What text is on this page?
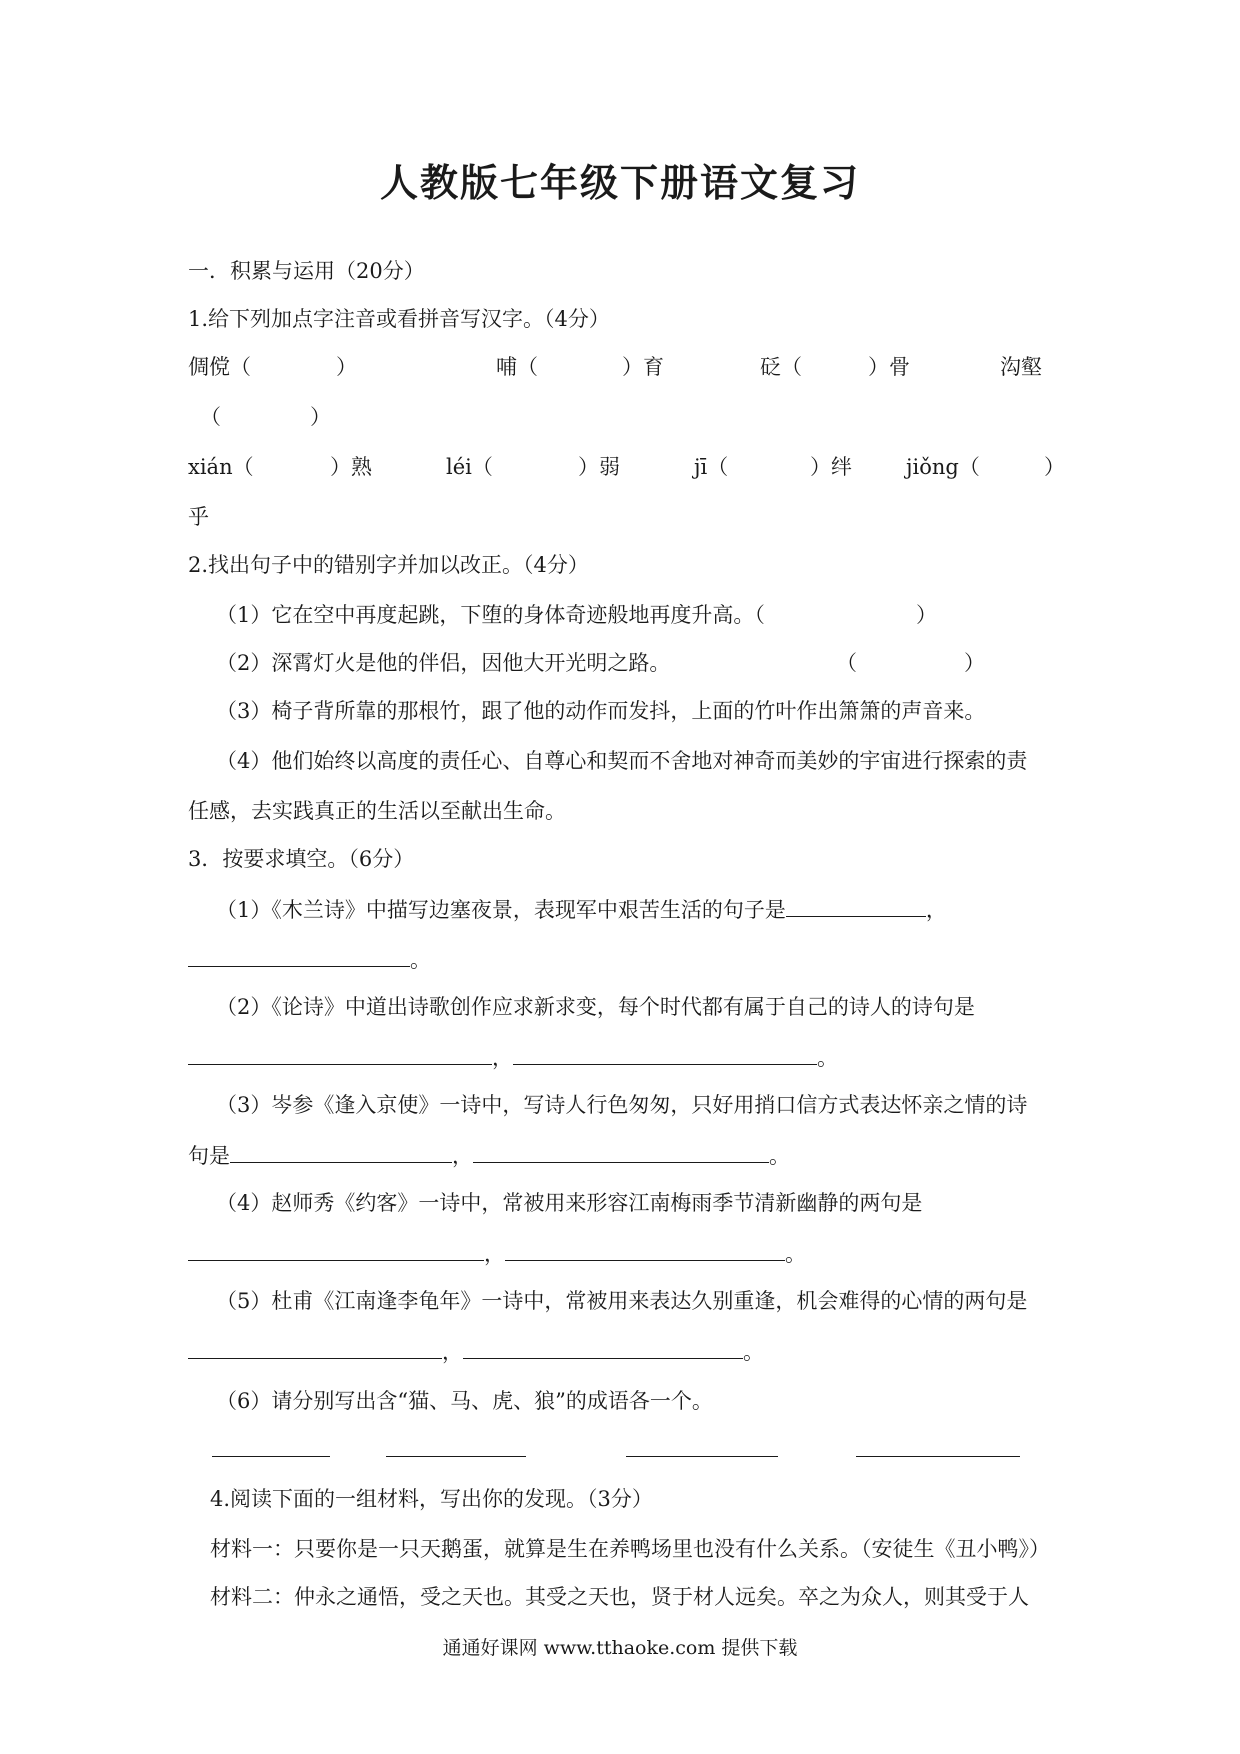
人教版七年级下册语文复习
一．积累与运用（20分）
1.给下列加点字注音或看拼音写汉字。（4分）
倜傥（	）	哺（	）育	砭（	）骨	沟壑
（	）
xián（	）熟	léi（	）弱	jī（	）绊	jiǒng（	）
乎
2.找出句子中的错别字并加以改正。（4分）
（1）它在空中再度起跳，下堕的身体奇迹般地再度升高。（	）
（2）深霄灯火是他的伴侣，因他大开光明之路。	（	）
（3）椅子背所靠的那根竹，跟了他的动作而发抖，上面的竹叶作出箫箫的声音来。
（4）他们始终以高度的责任心、自尊心和契而不舍地对神奇而美妙的宇宙进行探索的责
任感，去实践真正的生活以至献出生命。
3．按要求填空。（6分）
（1）《木兰诗》中描写边塞夜景，表现军中艰苦生活的句子是	，
。
（2）《论诗》中道出诗歌创作应求新求变，每个时代都有属于自己的诗人的诗句是
，	。
（3）岑参《逢入京使》一诗中，写诗人行色匆匆，只好用捎口信方式表达怀亲之情的诗
句是	，	。
（4）赵师秀《约客》一诗中，常被用来形容江南梅雨季节清新幽静的两句是
，	。
（5）杜甫《江南逢李龟年》一诗中，常被用来表达久别重逢，机会难得的心情的两句是
，	。
（6）请分别写出含“猫、马、虎、狼”的成语各一个。
4.阅读下面的一组材料，写出你的发现。（3分）
材料一：只要你是一只天鹅蛋，就算是生在养鸭场里也没有什么关系。（安徒生《丑小鸭》）
材料二：仲永之通悟，受之天也。其受之天也，贤于材人远矣。卒之为众人，则其受于人
通通好课网 www.tthaoke.com 提供下载
